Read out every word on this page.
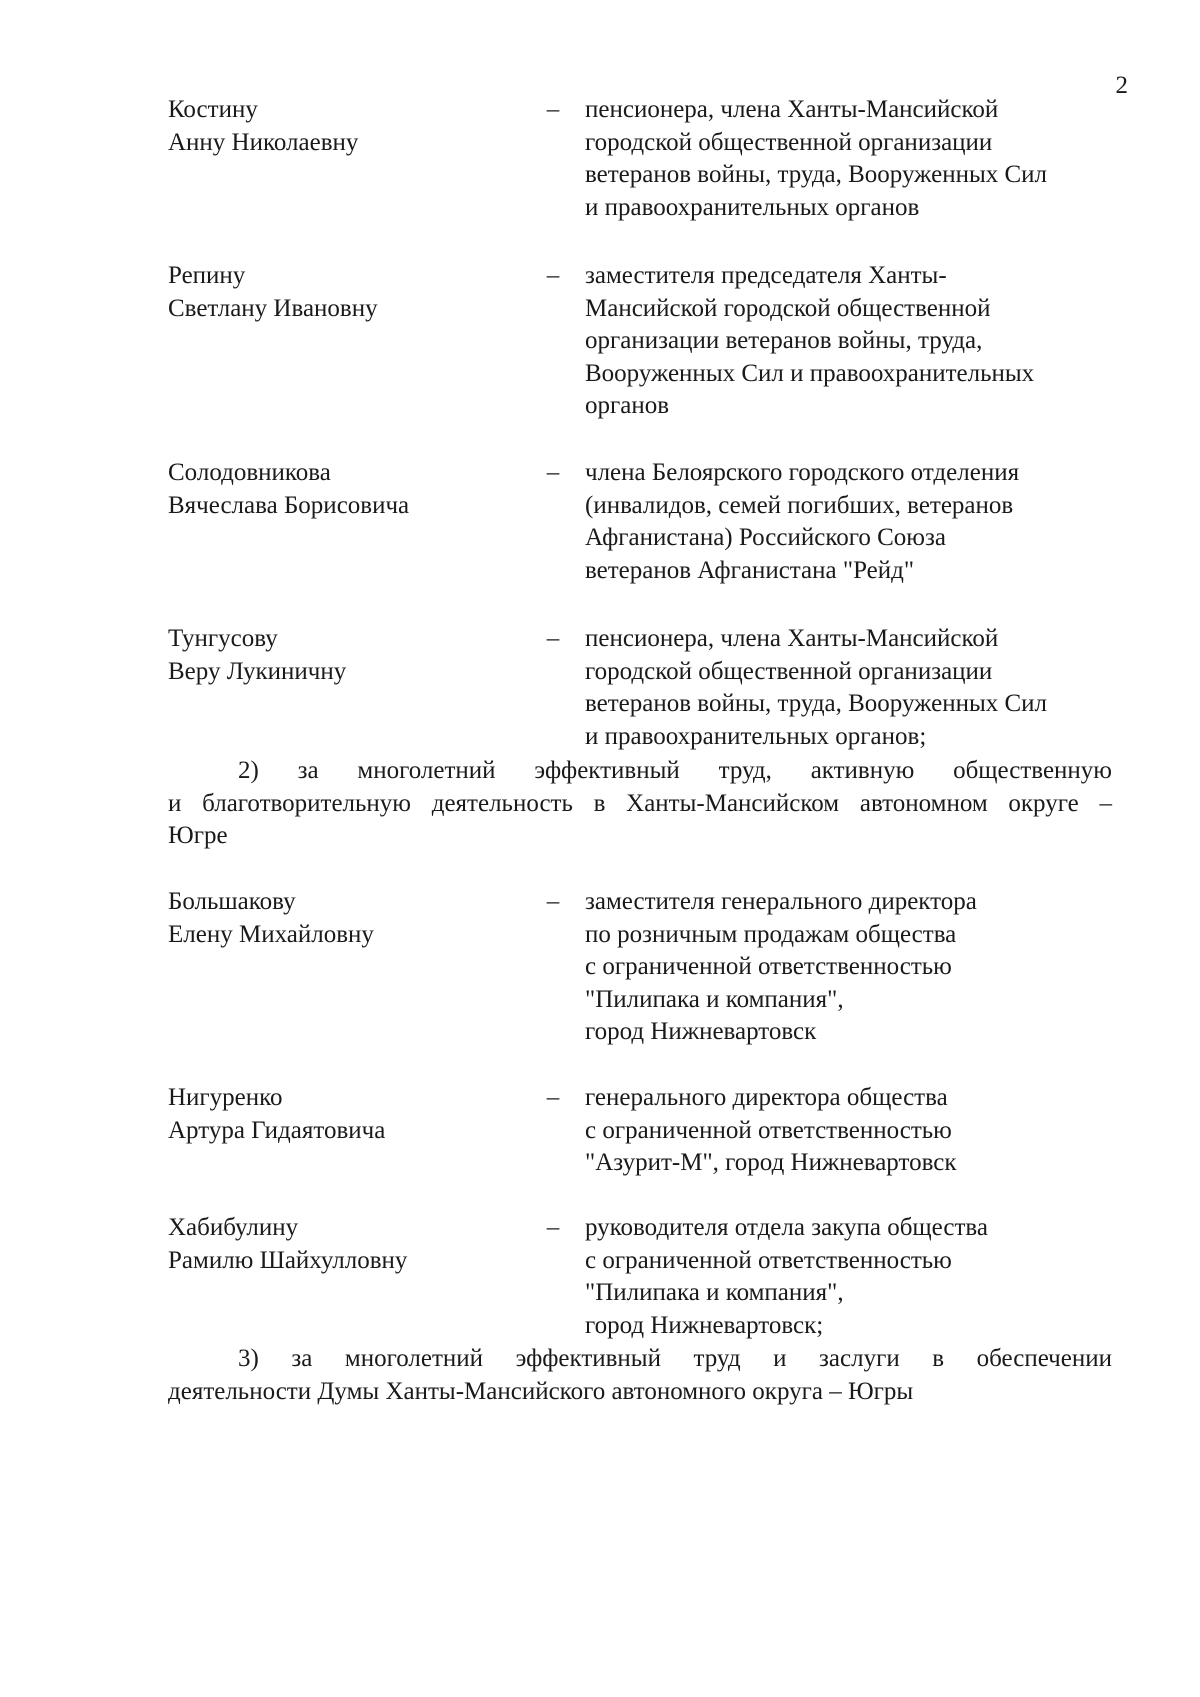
2
Костину
Анну Николаевну
– пенсионера, члена Ханты-Мансийской
городской общественной организации
ветеранов войны, труда, Вооруженных Сил
и правоохранительных органов
Репину
Светлану Ивановну
– заместителя председателя Ханты-
Мансийской городской общественной
организации ветеранов войны, труда,
Вооруженных Сил и правоохранительных
органов
Солодовникова
Вячеслава Борисовича
– члена Белоярского городского отделения
(инвалидов, семей погибших, ветеранов
Афганистана) Российского Союза
ветеранов Афганистана "Рейд"
Тунгусову
Веру Лукиничну
– пенсионера, члена Ханты-Мансийской
городской общественной организации
ветеранов войны, труда, Вооруженных Сил
и правоохранительных органов;
2) за многолетний эффективный труд, активную общественную
и благотворительную деятельность в Ханты-Мансийском автономном округе –
Югре
Большакову
Елену Михайловну
– заместителя генерального директора
по розничным продажам общества
с ограниченной ответственностью
"Пилипака и компания",
город Нижневартовск
Нигуренко
Артура Гидаятовича
– генерального директора общества
с ограниченной ответственностью
"Азурит-М", город Нижневартовск
Хабибулину
Рамилю Шайхулловну
– руководителя отдела закупа общества
с ограниченной ответственностью
"Пилипака и компания",
город Нижневартовск;
3) за многолетний эффективный труд и заслуги в обеспечении
деятельности Думы Ханты-Мансийского автономного округа – Югры
